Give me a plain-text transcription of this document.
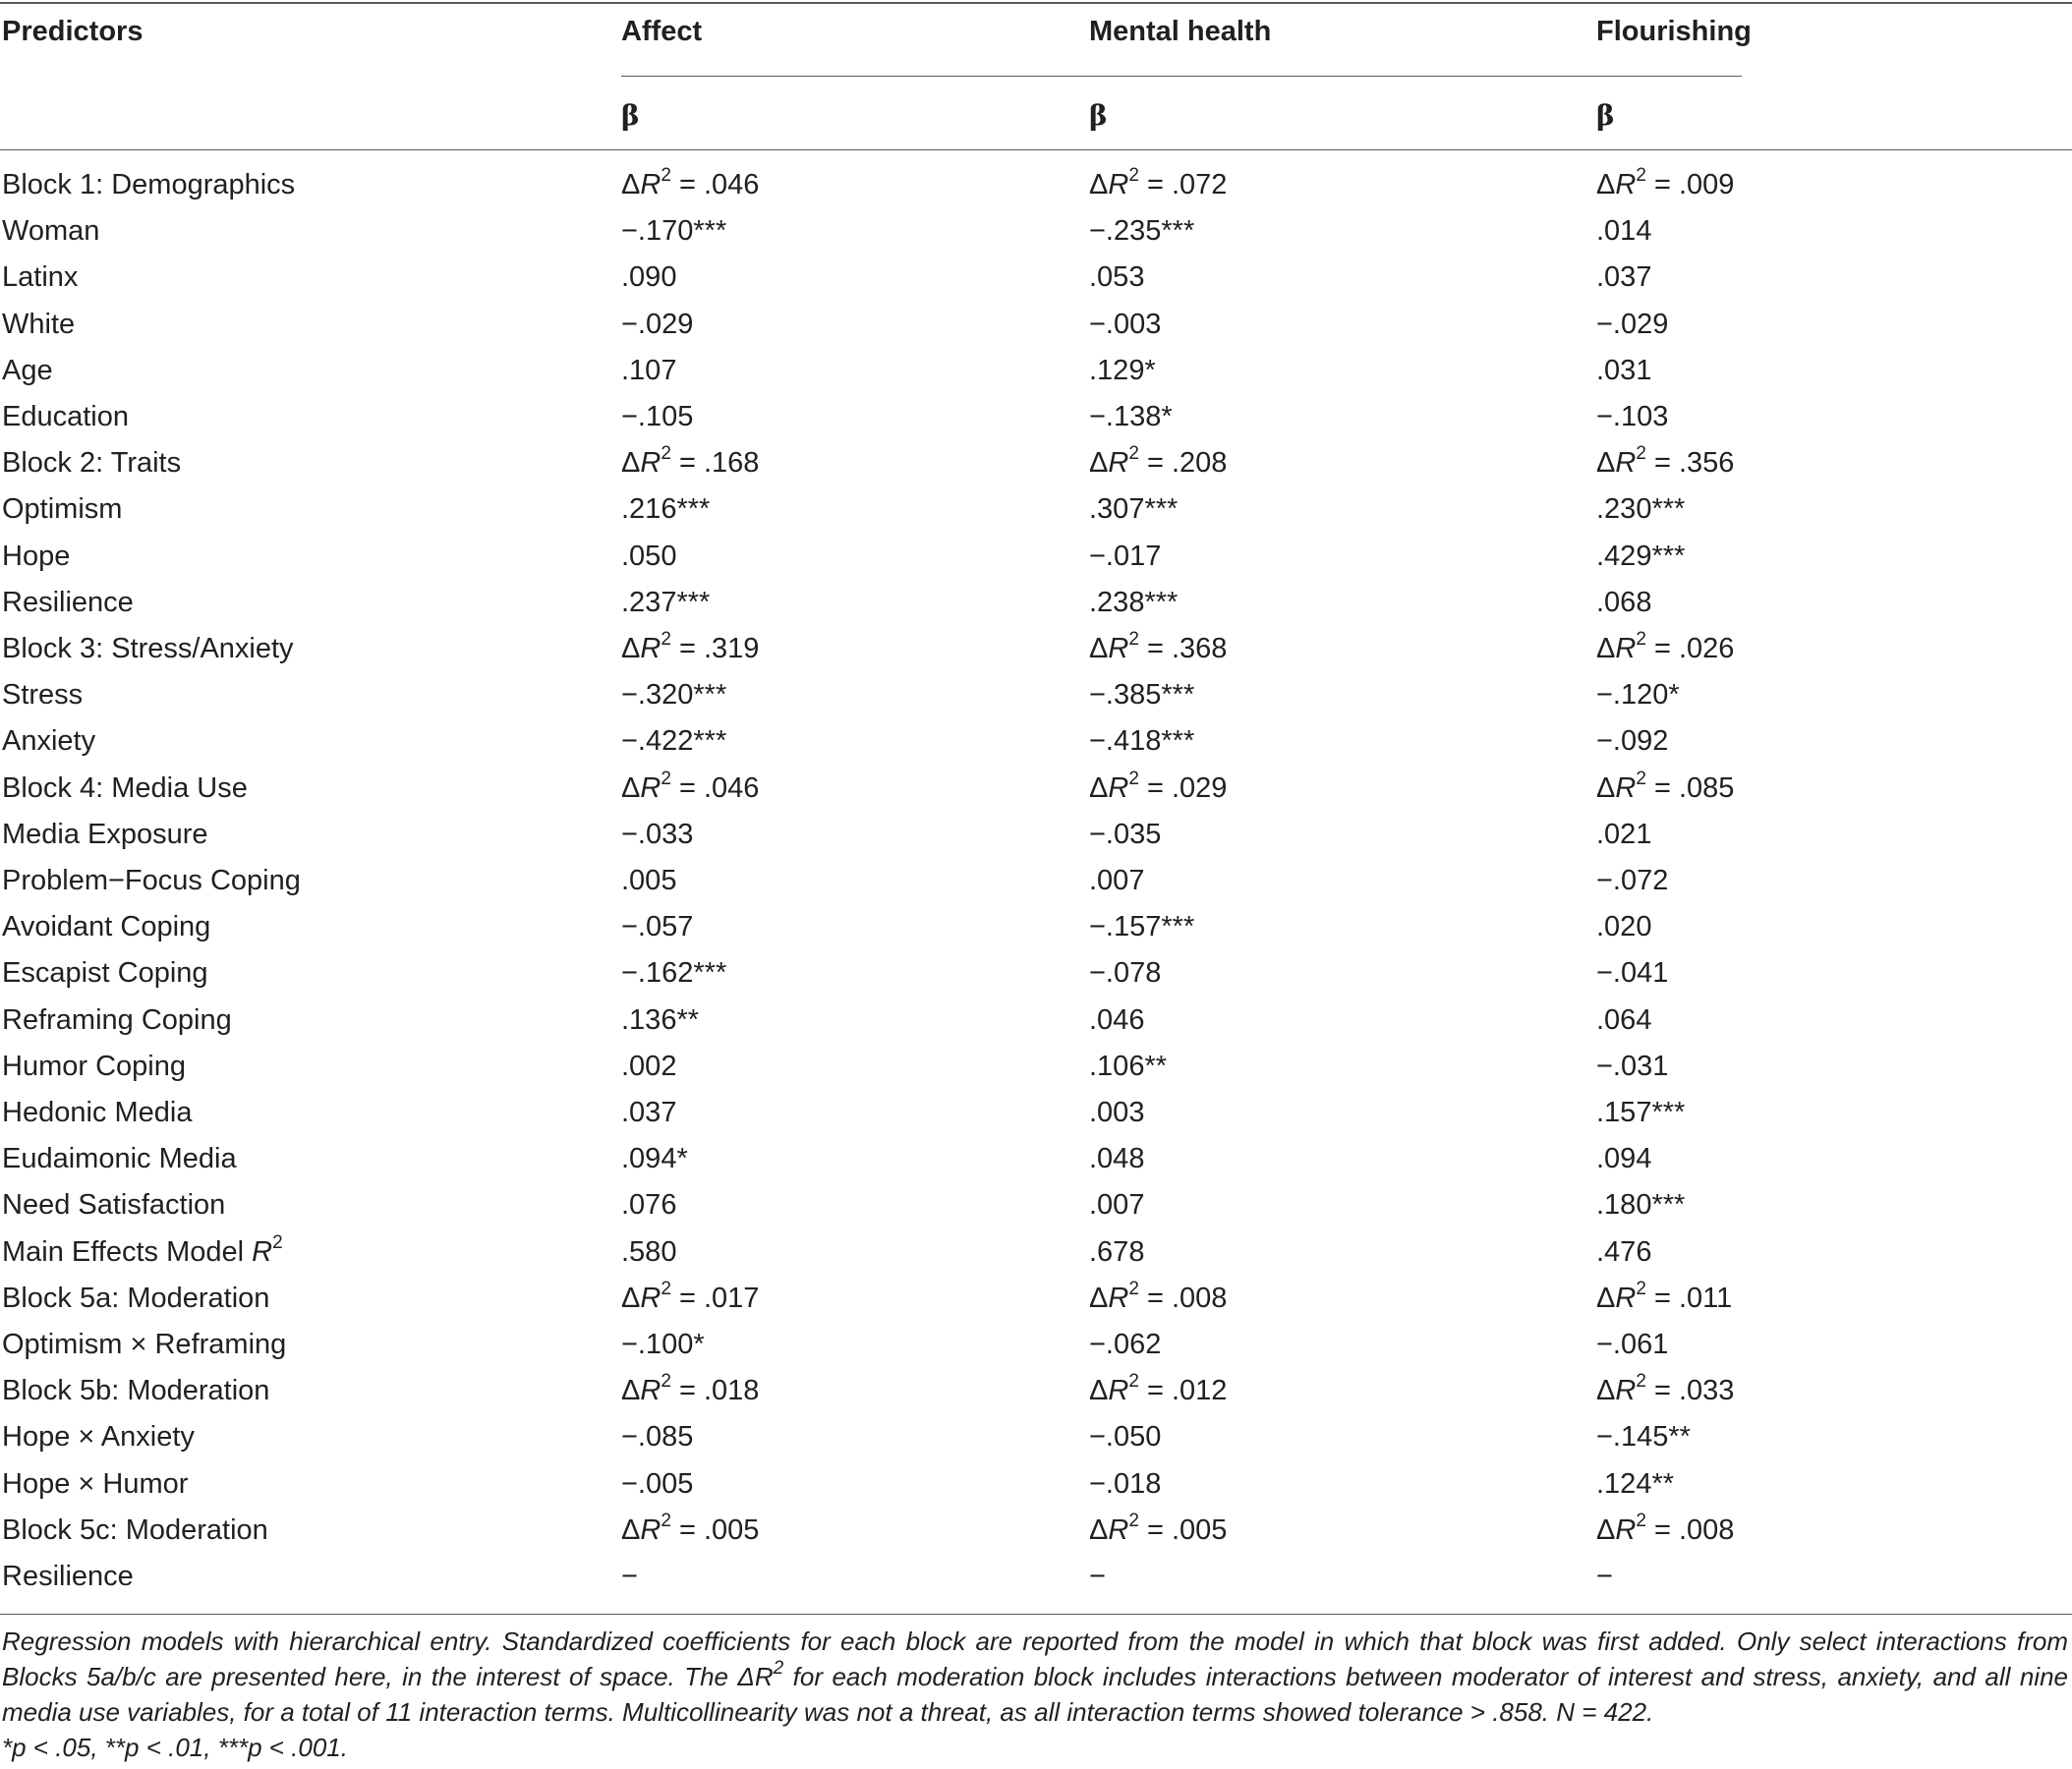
Predictors	Affect	Mental health	Flourishing
β	β	β
Block 1: Demographics	$\Delta R^2 = .046$	$\Delta R^2 = .072$	$\Delta R^2 = .009$
Woman	−.170***	−.235***	.014
Latinx	.090	.053	.037
White	−.029	−.003	−.029
Age	.107	.129*	.031
Education	−.105	−.138*	−.103
Block 2: Traits	$\Delta R^2 = .168$	$\Delta R^2 = .208$	$\Delta R^2 = .356$
Optimism	.216***	.307***	.230***
Hope	.050	−.017	.429***
Resilience	.237***	.238***	.068
Block 3: Stress/Anxiety	$\Delta R^2 = .319$	$\Delta R^2 = .368$	$\Delta R^2 = .026$
Stress	−.320***	−.385***	−.120*
Anxiety	−.422***	−.418***	−.092
Block 4: Media Use	$\Delta R^2 = .046$	$\Delta R^2 = .029$	$\Delta R^2 = .085$
Media Exposure	−.033	−.035	.021
Problem−Focus Coping	.005	.007	−.072
Avoidant Coping	−.057	−.157***	.020
Escapist Coping	−.162***	−.078	−.041
Reframing Coping	.136**	.046	.064
Humor Coping	.002	.106**	−.031
Hedonic Media	.037	.003	.157***
Eudaimonic Media	.094*	.048	.094
Need Satisfaction	.076	.007	.180***
Main Effects Model $R^2$	.580	.678	.476
Block 5a: Moderation	$\Delta R^2 = .017$	$\Delta R^2 = .008$	$\Delta R^2 = .011$
Optimism × Reframing	−.100*	−.062	−.061
Block 5b: Moderation	$\Delta R^2 = .018$	$\Delta R^2 = .012$	$\Delta R^2 = .033$
Hope × Anxiety	−.085	−.050	−.145**
Hope × Humor	−.005	−.018	.124**
Block 5c: Moderation	$\Delta R^2 = .005$	$\Delta R^2 = .005$	$\Delta R^2 = .008$
Resilience	−	−	−
Regression models with hierarchical entry. Standardized coefficients for each block are reported from the model in which that block was first added. Only select interactions from Blocks 5a/b/c are presented here, in the interest of space. The $\Delta R^2$ for each moderation block includes interactions between moderator of interest and stress, anxiety, and all nine media use variables, for a total of 11 interaction terms. Multicollinearity was not a threat, as all interaction terms showed tolerance > .858. N = 422.
*p < .05, **p < .01, ***p < .001.
